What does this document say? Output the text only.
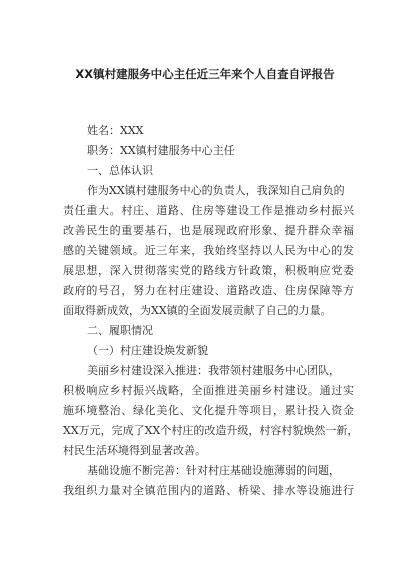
XX镇村建服务中心主任近三年来个人自查自评报告
姓名：XXX
职务：XX镇村建服务中心主任
一、总体认识
作为XX镇村建服务中心的负责人，我深知自己肩负的
责任重大。村庄、道路、住房等建设工作是推动乡村振兴
改善民生的重要基石，也是展现政府形象、提升群众幸福
感的关键领域。近三年来，我始终坚持以人民为中心的发
展思想，深入贯彻落实党的路线方针政策，积极响应党委
政府的号召，努力在村庄建设、道路改造、住房保障等方
面取得新成效，为XX镇的全面发展贡献了自己的力量。
二、履职情况
（一）村庄建设焕发新貌
美丽乡村建设深入推进：我带领村建服务中心团队，
积极响应乡村振兴战略，全面推进美丽乡村建设。通过实
施环境整治、绿化美化、文化提升等项目，累计投入资金
XX万元，完成了XX个村庄的改造升级，村容村貌焕然一新，
村民生活环境得到显著改善。
基础设施不断完善：针对村庄基础设施薄弱的问题，
我组织力量对全镇范围内的道路、桥梁、排水等设施进行
